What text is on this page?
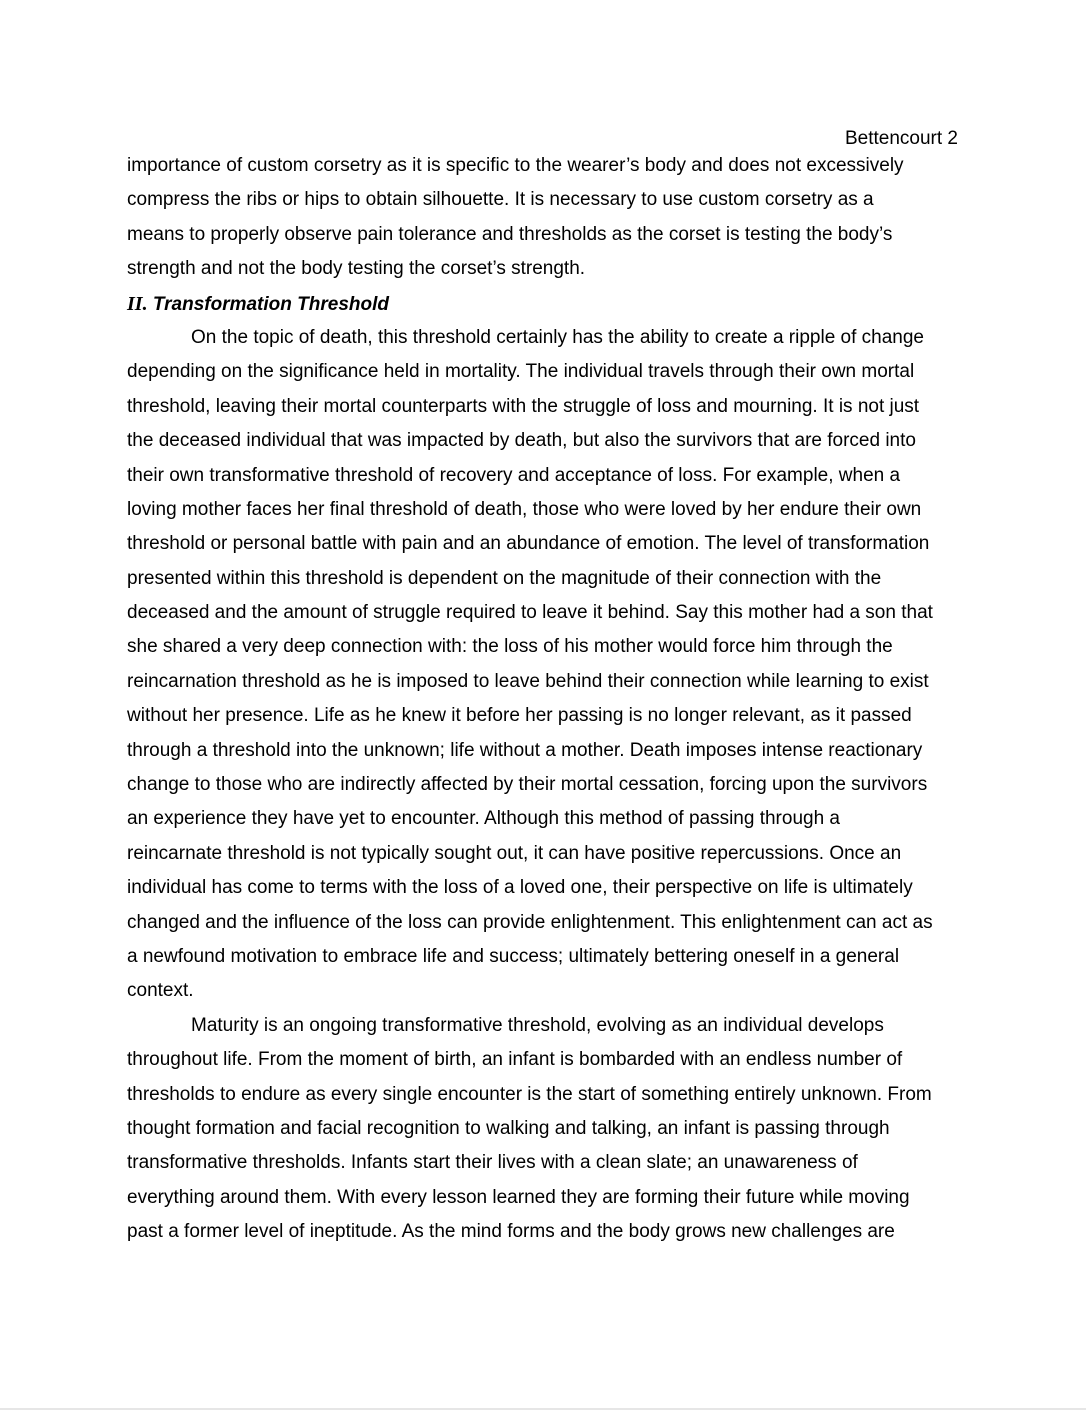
Bettencourt 2
importance of custom corsetry as it is specific to the wearer’s body and does not excessively
compress the ribs or hips to obtain silhouette. It is necessary to use custom corsetry as a
means to properly observe pain tolerance and thresholds as the corset is testing the body’s
strength and not the body testing the corset’s strength.
II. Transformation Threshold
On the topic of death, this threshold certainly has the ability to create a ripple of change
depending on the significance held in mortality. The individual travels through their own mortal
threshold, leaving their mortal counterparts with the struggle of loss and mourning. It is not just
the deceased individual that was impacted by death, but also the survivors that are forced into
their own transformative threshold of recovery and acceptance of loss. For example, when a
loving mother faces her final threshold of death, those who were loved by her endure their own
threshold or personal battle with pain and an abundance of emotion. The level of transformation
presented within this threshold is dependent on the magnitude of their connection with the
deceased and the amount of struggle required to leave it behind. Say this mother had a son that
she shared a very deep connection with: the loss of his mother would force him through the
reincarnation threshold as he is imposed to leave behind their connection while learning to exist
without her presence. Life as he knew it before her passing is no longer relevant, as it passed
through a threshold into the unknown; life without a mother. Death imposes intense reactionary
change to those who are indirectly affected by their mortal cessation, forcing upon the survivors
an experience they have yet to encounter. Although this method of passing through a
reincarnate threshold is not typically sought out, it can have positive repercussions. Once an
individual has come to terms with the loss of a loved one, their perspective on life is ultimately
changed and the influence of the loss can provide enlightenment. This enlightenment can act as
a newfound motivation to embrace life and success; ultimately bettering oneself in a general
context.
Maturity is an ongoing transformative threshold, evolving as an individual develops
throughout life. From the moment of birth, an infant is bombarded with an endless number of
thresholds to endure as every single encounter is the start of something entirely unknown. From
thought formation and facial recognition to walking and talking, an infant is passing through
transformative thresholds. Infants start their lives with a clean slate; an unawareness of
everything around them. With every lesson learned they are forming their future while moving
past a former level of ineptitude. As the mind forms and the body grows new challenges are
